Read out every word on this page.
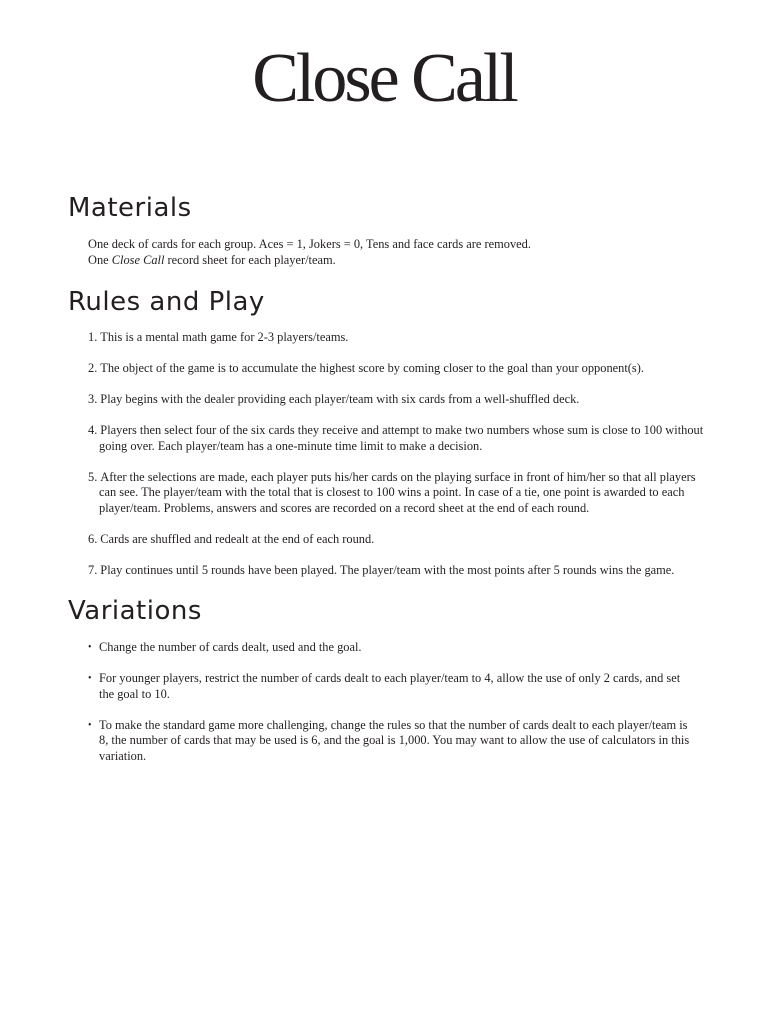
Close Call
Materials

One deck of cards for each group. Aces = 1, Jokers = 0, Tens and face cards are removed.

One Close Call record sheet for each player/team.

Rules and Play
1. This is a mental math game for 2-3 players/teams.
2. The object of the game is to accumulate the highest score by coming closer to the goal than your opponent(s).
3. Play begins with the dealer providing each player/team with six cards from a well-shuffled deck.
4. Players then select four of the six cards they receive and attempt to make two numbers whose sum is close to 100 without going over. Each player/team has a one-minute time limit to make a decision.
5. After the selections are made, each player puts his/her cards on the playing surface in front of him/her so that all players can see. The player/team with the total that is closest to 100 wins a point. In case of a tie, one point is awarded to each player/team. Problems, answers and scores are recorded on a record sheet at the end of each round.
6. Cards are shuffled and redealt at the end of each round.
7. Play continues until 5 rounds have been played. The player/team with the most points after 5 rounds wins the game.
Variations
• Change the number of cards dealt, used and the goal.
• For younger players, restrict the number of cards dealt to each player/team to 4, allow the use of only 2 cards, and set the goal to 10.
• To make the standard game more challenging, change the rules so that the number of cards dealt to each player/team is 8, the number of cards that may be used is 6, and the goal is 1,000. You may want to allow the use of calculators in this variation.
